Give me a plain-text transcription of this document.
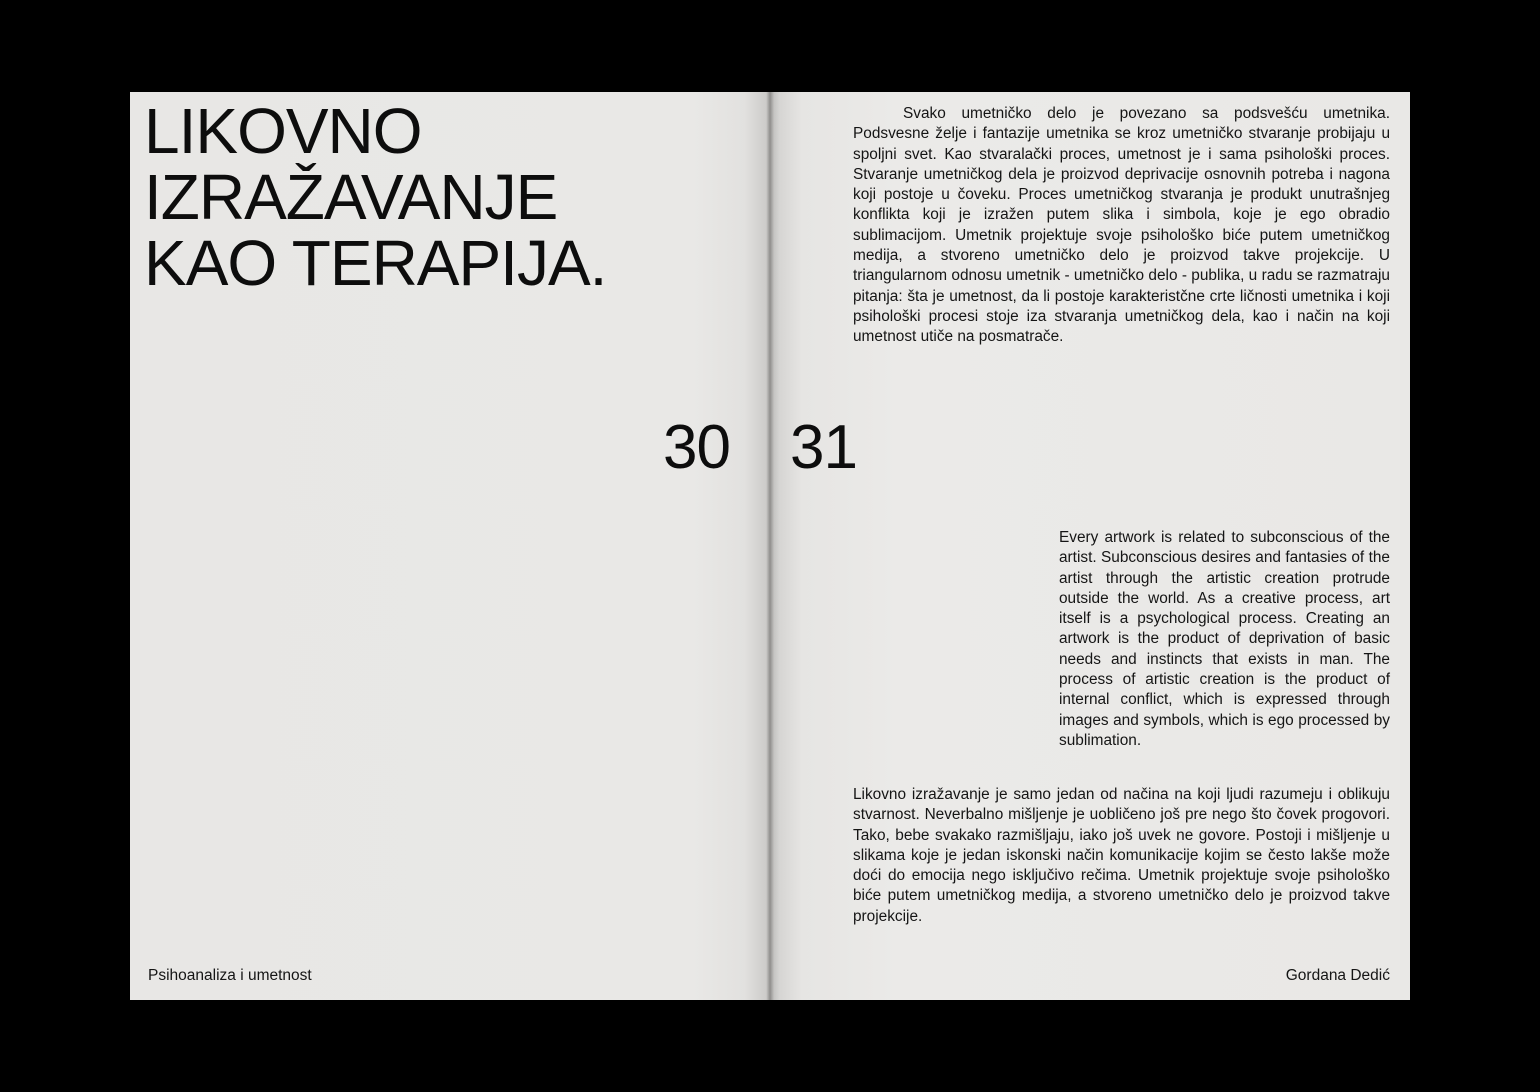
LIKOVNO
IZRAŽAVANJE
KAO TERAPIJA.
30
Psihoanaliza i umetnost

Svako umetničko delo je povezano sa podsvešću umetnika. Podsvesne želje i fantazije umetnika se kroz umetničko stvaranje probijaju u spoljni svet. Kao stvaralački proces, umetnost je i sama psihološki proces. Stvaranje umetničkog dela je proizvod deprivacije osnovnih potreba i nagona koji postoje u čoveku. Proces umetničkog stvaranja je produkt unutrašnjeg konflikta koji je izražen putem slika i simbola, koje je ego obradio sublimacijom. Umetnik projektuje svoje psihološko biće putem umetničkog medija, a stvoreno umetničko delo je proizvod takve projekcije. U triangularnom odnosu umetnik - umetničko delo - publika, u radu se razmatraju pitanja: šta je umetnost, da li postoje karakteristčne crte ličnosti umetnika i koji psihološki procesi stoje iza stvaranja umetničkog dela, kao i način na koji umetnost utiče na posmatrače.

31

Every artwork is related to subconscious of the artist. Subconscious desires and fantasies of the artist through the artistic creation protrude outside the world. As a creative process, art itself is a psychological process. Creating an artwork is the product of deprivation of basic needs and instincts that exists in man. The process of artistic creation is the product of internal conflict, which is expressed through images and symbols, which is ego processed by sublimation.

Likovno izražavanje je samo jedan od načina na koji ljudi razumeju i oblikuju stvarnost. Neverbalno mišljenje je uobličeno još pre nego što čovek progovori. Tako, bebe svakako razmišljaju, iako još uvek ne govore. Postoji i mišljenje u slikama koje je jedan iskonski način komunikacije kojim se često lakše može doći do emocija nego isključivo rečima. Umetnik projektuje svoje psihološko biće putem umetničkog medija, a stvoreno umetničko delo je proizvod takve projekcije.

Gordana Dedić
